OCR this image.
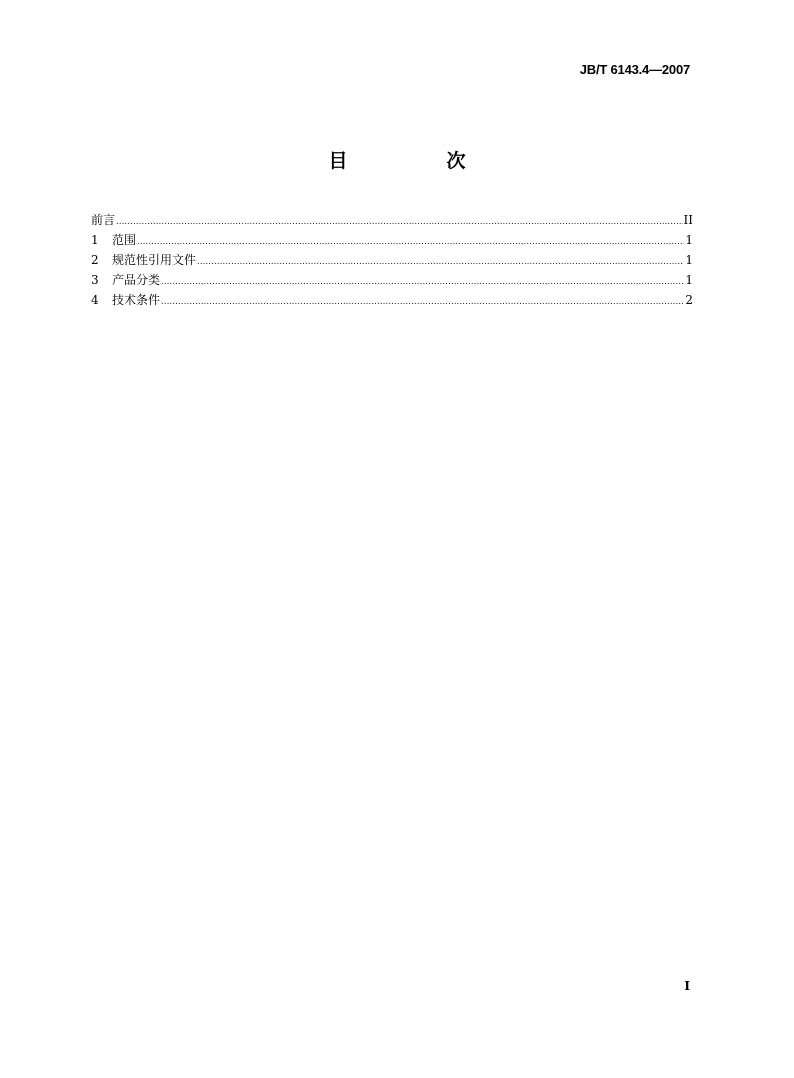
JB/T 6143.4—2007
目　次
前言 .....	II
1	范围 .....	1
2	规范性引用文件 .....	1
3	产品分类 .....	1
4	技术条件 .....	2
I
